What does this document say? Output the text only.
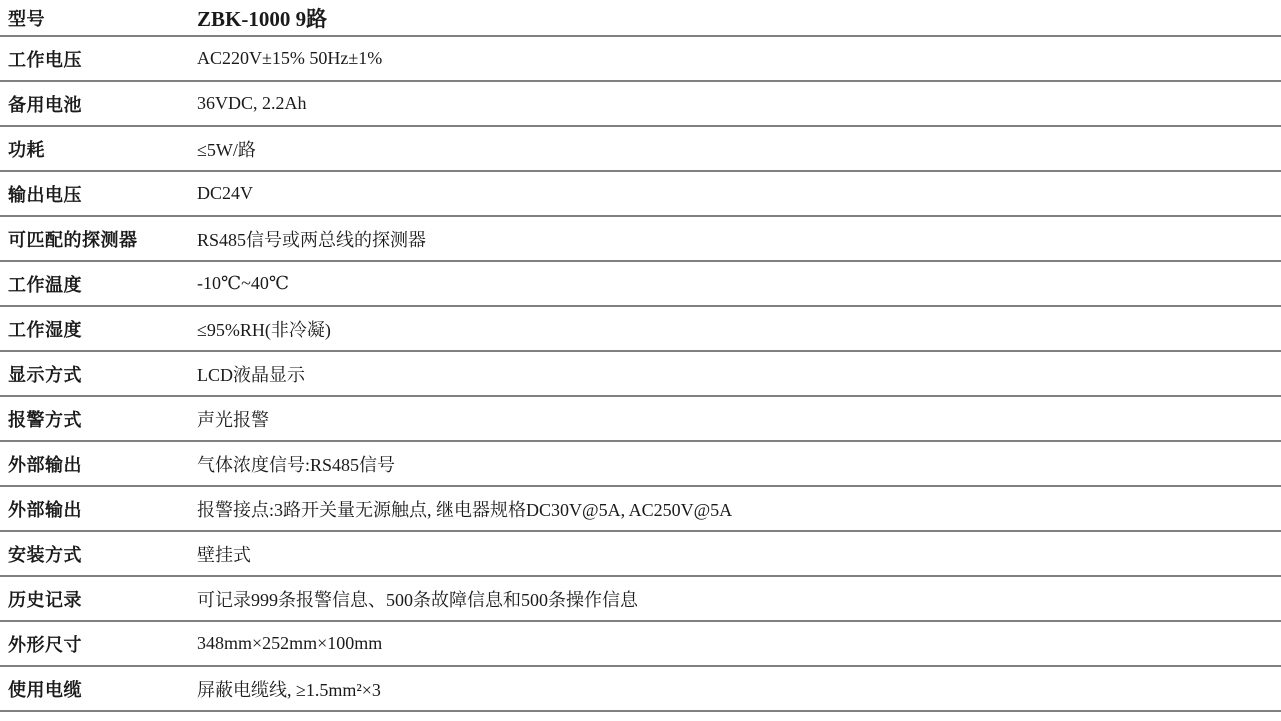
型号	ZBK-1000 9路
工作电压	AC220V±15% 50Hz±1%
备用电池	36VDC, 2.2Ah
功耗	≤5W/路
输出电压	DC24V
可匹配的探测器	RS485信号或两总线的探测器
工作温度	-10℃~40℃
工作湿度	≤95%RH(非冷凝)
显示方式	LCD液晶显示
报警方式	声光报警
外部输出	气体浓度信号:RS485信号
外部输出	报警接点:3路开关量无源触点, 继电器规格DC30V@5A, AC250V@5A
安装方式	壁挂式
历史记录	可记录999条报警信息、500条故障信息和500条操作信息
外形尺寸	348mm×252mm×100mm
使用电缆	屏蔽电缆线, ≥1.5mm²×3
